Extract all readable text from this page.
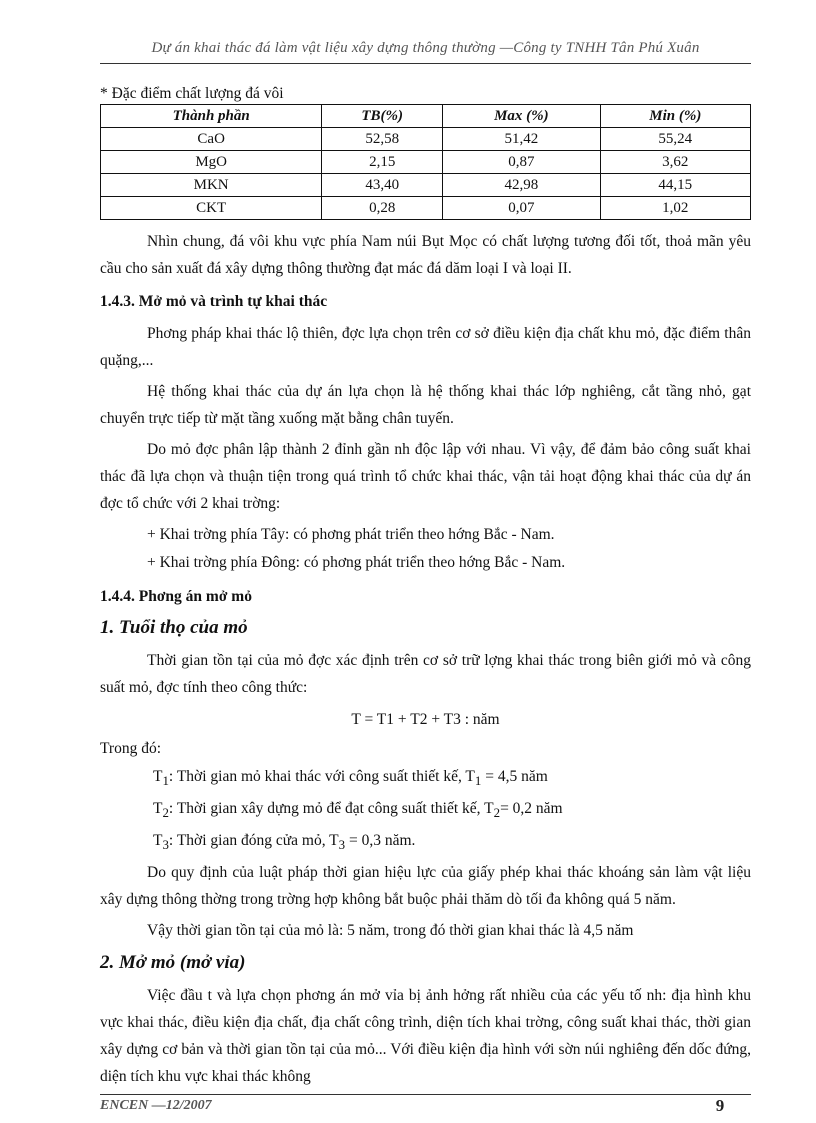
Dự án khai thác đá làm vật liệu xây dựng thông thường —Công ty TNHH Tân Phú Xuân

* Đặc điểm chất lượng đá vôi

Thành phần	TB(%)	Max (%)	Min (%)
CaO	52,58	51,42	55,24
MgO	2,15	0,87	3,62
MKN	43,40	42,98	44,15
CKT	0,28	0,07	1,02

Nhìn chung, đá vôi khu vực phía Nam núi Bụt Mọc có chất lượng tương đối tốt, thoả mãn yêu cầu cho sản xuất đá xây dựng thông thường đạt mác đá dăm loại I và loại II.

1.4.3. Mở mỏ và trình tự khai thác

Phơng pháp khai thác lộ thiên, đợc lựa chọn trên cơ sở điều kiện địa chất khu mỏ, đặc điểm thân quặng,...

Hệ thống khai thác của dự án lựa chọn là hệ thống khai thác lớp nghiêng, cắt tầng nhỏ, gạt chuyển trực tiếp từ mặt tầng xuống mặt bằng chân tuyến.

Do mỏ đợc phân lập thành 2 đỉnh gần nh độc lập với nhau. Vì vậy, để đảm bảo công suất khai thác đã lựa chọn và thuận tiện trong quá trình tổ chức khai thác, vận tải hoạt động khai thác của dự án đợc tổ chức với 2 khai trờng:

+ Khai trờng phía Tây: có phơng phát triển theo hớng Bắc - Nam.

+ Khai trờng phía Đông: có phơng phát triển theo hớng Bắc - Nam.

1.4.4. Phơng án mở mỏ
1. Tuổi thọ của mỏ

Thời gian tồn tại của mỏ đợc xác định trên cơ sở trữ lợng khai thác trong biên giới mỏ và công suất mỏ, đợc tính theo công thức:

T = T1 + T2 + T3 : năm

Trong đó:

$T_1$: Thời gian mỏ khai thác với công suất thiết kế, $T_1 = 4,5$ năm

$T_2$: Thời gian xây dựng mỏ để đạt công suất thiết kế, $T_2= 0,2$ năm

$T_3$: Thời gian đóng cửa mỏ, $T_3 = 0,3$ năm.

Do quy định của luật pháp thời gian hiệu lực của giấy phép khai thác khoáng sản làm vật liệu xây dựng thông thờng trong trờng hợp không bắt buộc phải thăm dò tối đa không quá 5 năm.

Vậy thời gian tồn tại của mỏ là: 5 năm, trong đó thời gian khai thác là 4,5 năm

2. Mở mỏ (mở vỉa)

Việc đầu t và lựa chọn phơng án mở vỉa bị ảnh hởng rất nhiều của các yếu tố nh: địa hình khu vực khai thác, điều kiện địa chất, địa chất công trình, diện tích khai trờng, công suất khai thác, thời gian xây dựng cơ bản và thời gian tồn tại của mỏ... Với điều kiện địa hình với sờn núi nghiêng đến dốc đứng, diện tích khu vực khai thác không

ENCEN —12/2007	9
